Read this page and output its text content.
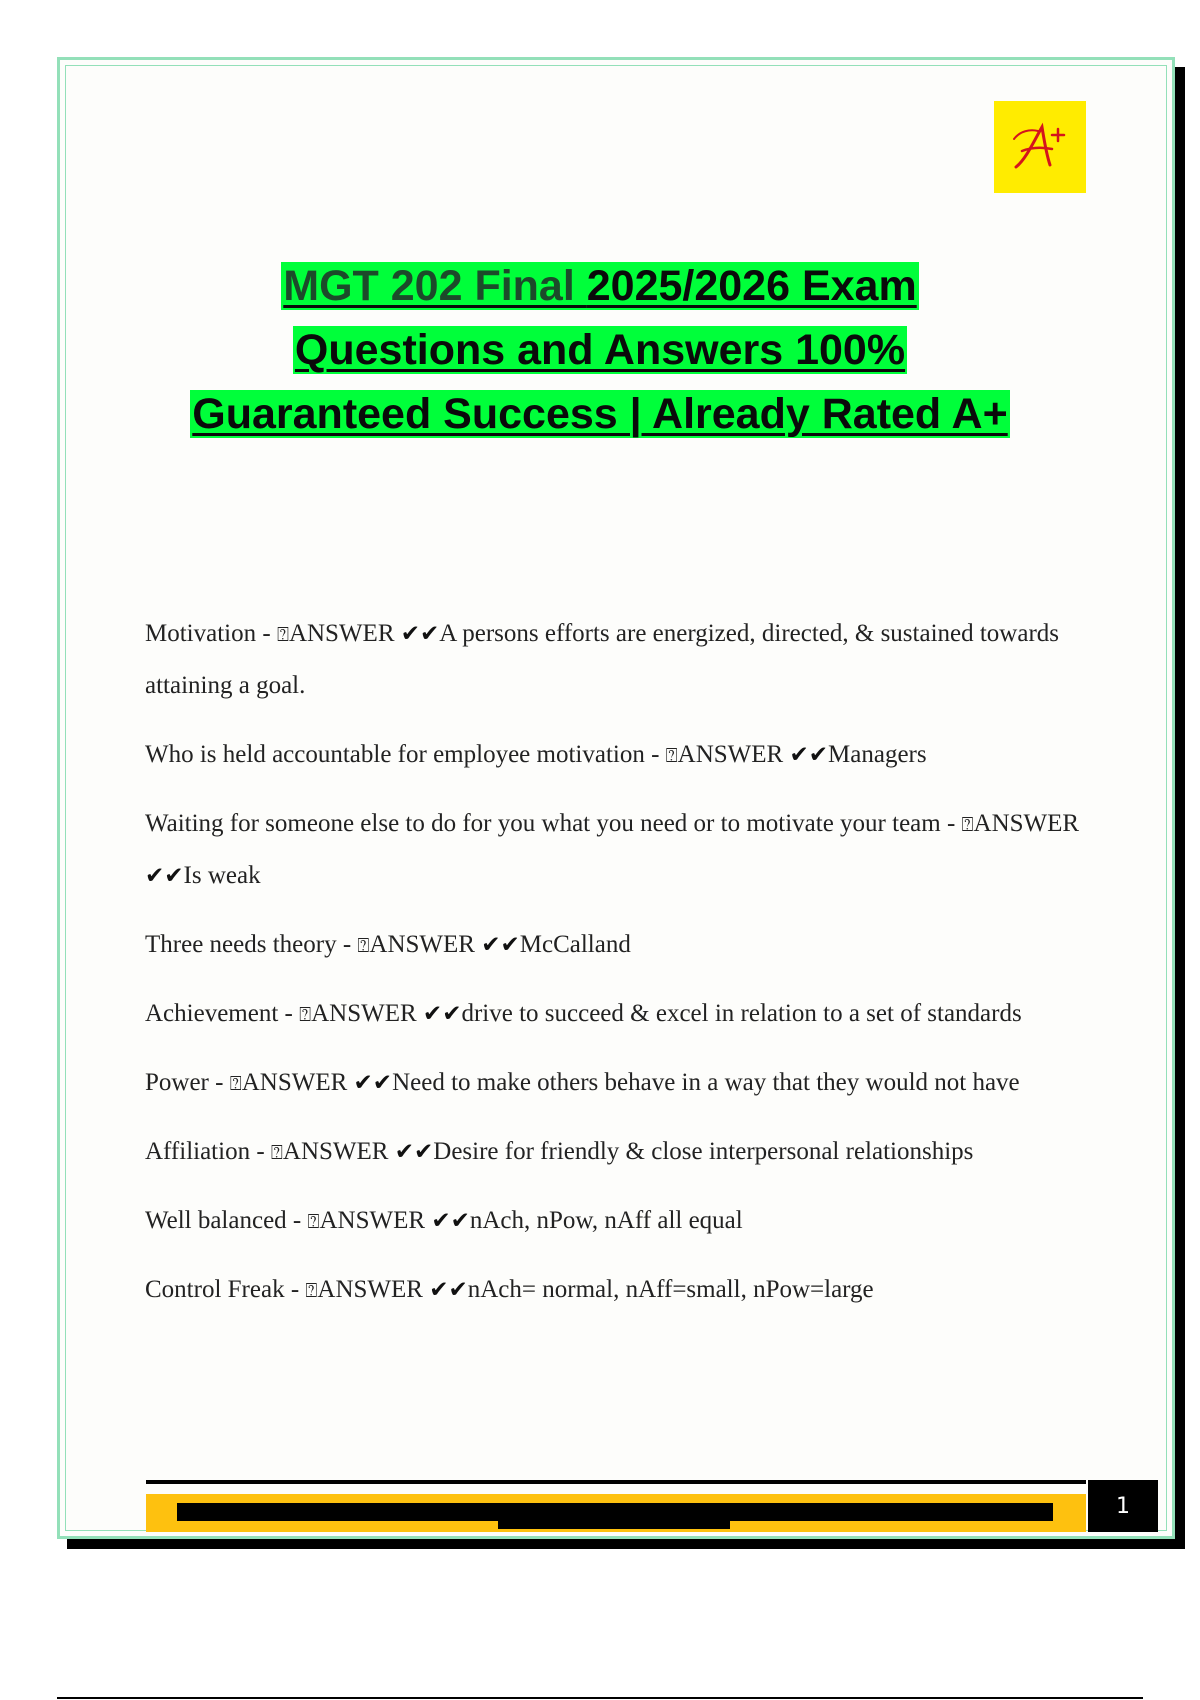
MGT 202 Final 2025/2026 Exam
Questions and Answers 100%
Guaranteed Success | Already Rated A+
Motivation - ⍰ANSWER ✔✔A persons efforts are energized, directed, & sustained towards attaining a goal.
Who is held accountable for employee motivation - ⍰ANSWER ✔✔Managers
Waiting for someone else to do for you what you need or to motivate your team - ⍰ANSWER ✔✔Is weak
Three needs theory - ⍰ANSWER ✔✔McCalland
Achievement - ⍰ANSWER ✔✔drive to succeed & excel in relation to a set of standards
Power - ⍰ANSWER ✔✔Need to make others behave in a way that they would not have
Affiliation - ⍰ANSWER ✔✔Desire for friendly & close interpersonal relationships
Well balanced - ⍰ANSWER ✔✔nAch, nPow, nAff all equal
Control Freak - ⍰ANSWER ✔✔nAch= normal, nAff=small, nPow=large
1
